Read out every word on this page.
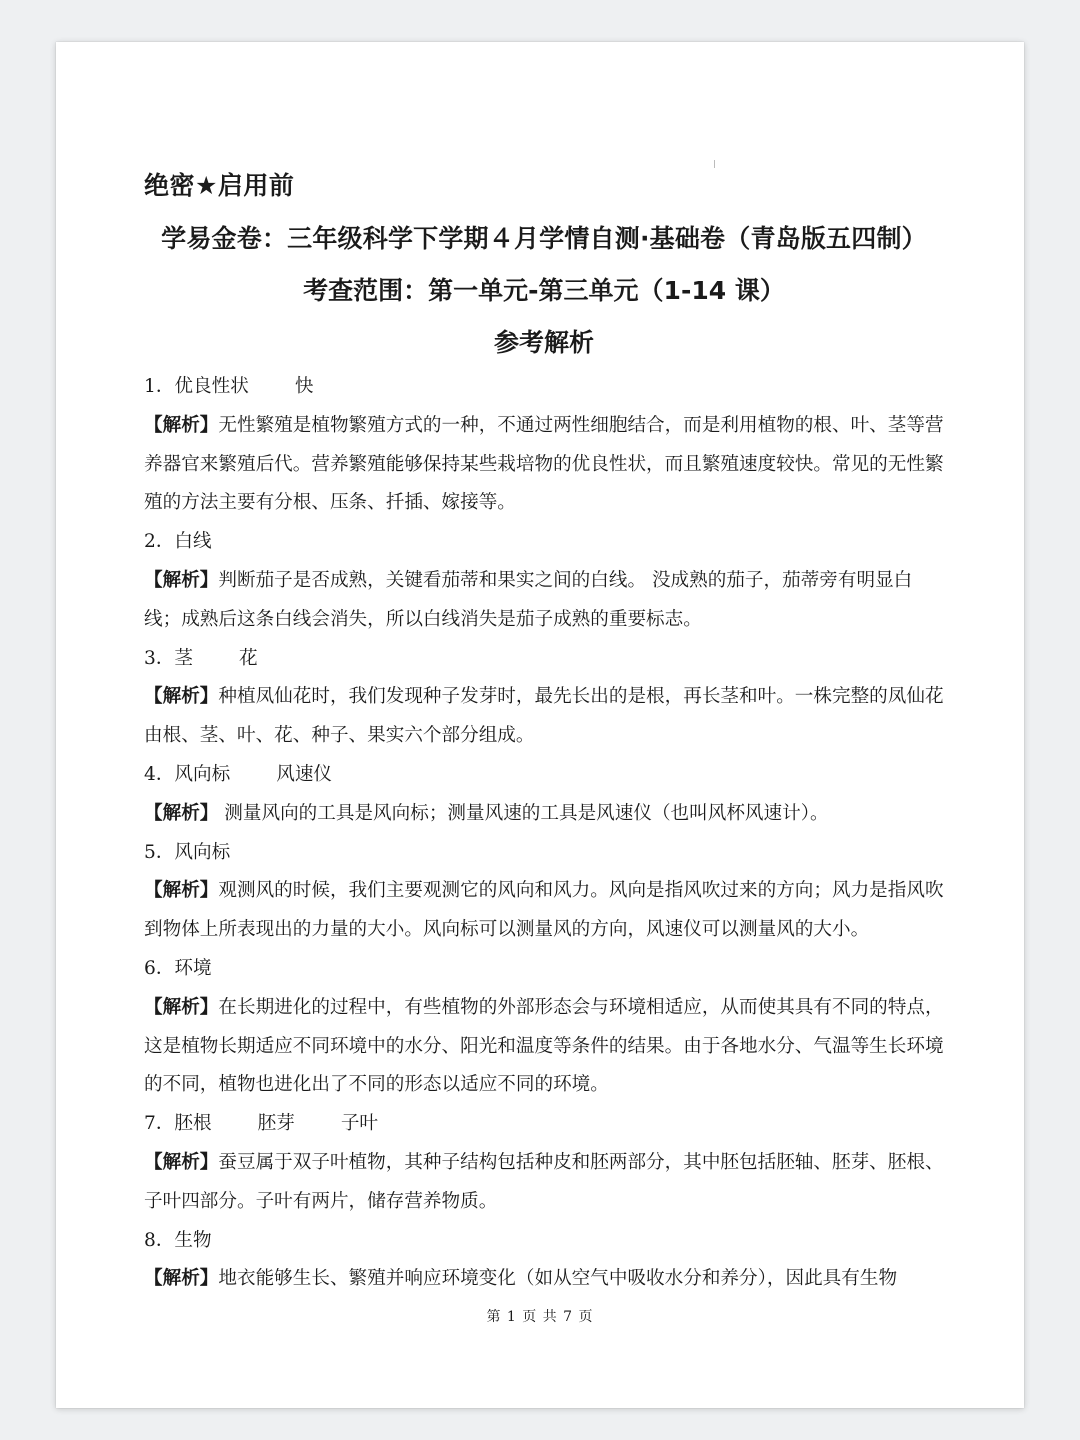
绝密★启用前
学易金卷：三年级科学下学期４月学情自测·基础卷（青岛版五四制）
考查范围：第一单元-第三单元（1-14 课）
参考解析

1．优良性状 快

【解析】无性繁殖是植物繁殖方式的一种，不通过两性细胞结合，而是利用植物的根、叶、茎等营养器官来繁殖后代。营养繁殖能够保持某些栽培物的优良性状，而且繁殖速度较快。常见的无性繁殖的方法主要有分根、压条、扦插、嫁接等。

2．白线

【解析】判断茄子是否成熟，关键看茄蒂和果实之间的白线。 没成熟的茄子，茄蒂旁有明显白线；成熟后这条白线会消失，所以白线消失是茄子成熟的重要标志。

3．茎 花

【解析】种植凤仙花时，我们发现种子发芽时，最先长出的是根，再长茎和叶。一株完整的凤仙花由根、茎、叶、花、种子、果实六个部分组成。

4．风向标 风速仪

【解析】 测量风向的工具是风向标；测量风速的工具是风速仪（也叫风杯风速计）。

5．风向标

【解析】观测风的时候，我们主要观测它的风向和风力。风向是指风吹过来的方向；风力是指风吹到物体上所表现出的力量的大小。风向标可以测量风的方向，风速仪可以测量风的大小。

6．环境

【解析】在长期进化的过程中，有些植物的外部形态会与环境相适应，从而使其具有不同的特点，这是植物长期适应不同环境中的水分、阳光和温度等条件的结果。由于各地水分、气温等生长环境的不同，植物也进化出了不同的形态以适应不同的环境。

7．胚根 胚芽 子叶

【解析】蚕豆属于双子叶植物，其种子结构包括种皮和胚两部分，其中胚包括胚轴、胚芽、胚根、子叶四部分。子叶有两片，储存营养物质。

8．生物

【解析】地衣能够生长、繁殖并响应环境变化（如从空气中吸收水分和养分），因此具有生物

第 1 页 共 7 页
